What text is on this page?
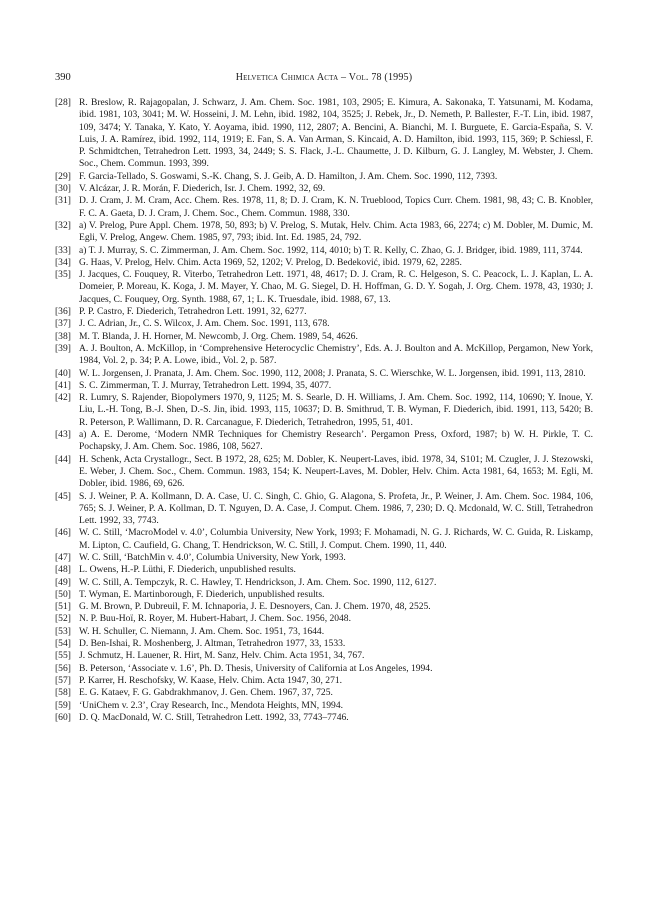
390	Helvetica Chimica Acta – Vol. 78 (1995)
[28] R. Breslow, R. Rajagopalan, J. Schwarz, J. Am. Chem. Soc. 1981, 103, 2905; E. Kimura, A. Sakonaka, T. Yatsunami, M. Kodama, ibid. 1981, 103, 3041; M. W. Hosseini, J. M. Lehn, ibid. 1982, 104, 3525; J. Rebek, Jr., D. Nemeth, P. Ballester, F.-T. Lin, ibid. 1987, 109, 3474; Y. Tanaka, Y. Kato, Y. Aoyama, ibid. 1990, 112, 2807; A. Bencini, A. Bianchi, M. I. Burguete, E. Garcia-España, S. V. Luis, J. A. Ramírez, ibid. 1992, 114, 1919; E. Fan, S. A. Van Arman, S. Kincaid, A. D. Hamilton, ibid. 1993, 115, 369; P. Schiessl, F. P. Schmidtchen, Tetrahedron Lett. 1993, 34, 2449; S. S. Flack, J.-L. Chaumette, J. D. Kilburn, G. J. Langley, M. Webster, J. Chem. Soc., Chem. Commun. 1993, 399.
[29] F. Garcia-Tellado, S. Goswami, S.-K. Chang, S. J. Geib, A. D. Hamilton, J. Am. Chem. Soc. 1990, 112, 7393.
[30] V. Alcázar, J. R. Morán, F. Diederich, Isr. J. Chem. 1992, 32, 69.
[31] D. J. Cram, J. M. Cram, Acc. Chem. Res. 1978, 11, 8; D. J. Cram, K. N. Trueblood, Topics Curr. Chem. 1981, 98, 43; C. B. Knobler, F. C. A. Gaeta, D. J. Cram, J. Chem. Soc., Chem. Commun. 1988, 330.
[32] a) V. Prelog, Pure Appl. Chem. 1978, 50, 893; b) V. Prelog, S. Mutak, Helv. Chim. Acta 1983, 66, 2274; c) M. Dobler, M. Dumic, M. Egli, V. Prelog, Angew. Chem. 1985, 97, 793; ibid. Int. Ed. 1985, 24, 792.
[33] a) T. J. Murray, S. C. Zimmerman, J. Am. Chem. Soc. 1992, 114, 4010; b) T. R. Kelly, C. Zhao, G. J. Bridger, ibid. 1989, 111, 3744.
[34] G. Haas, V. Prelog, Helv. Chim. Acta 1969, 52, 1202; V. Prelog, D. Bedeković, ibid. 1979, 62, 2285.
[35] J. Jacques, C. Fouquey, R. Viterbo, Tetrahedron Lett. 1971, 48, 4617; D. J. Cram, R. C. Helgeson, S. C. Peacock, L. J. Kaplan, L. A. Domeier, P. Moreau, K. Koga, J. M. Mayer, Y. Chao, M. G. Siegel, D. H. Hoffman, G. D. Y. Sogah, J. Org. Chem. 1978, 43, 1930; J. Jacques, C. Fouquey, Org. Synth. 1988, 67, 1; L. K. Truesdale, ibid. 1988, 67, 13.
[36] P. P. Castro, F. Diederich, Tetrahedron Lett. 1991, 32, 6277.
[37] J. C. Adrian, Jr., C. S. Wilcox, J. Am. Chem. Soc. 1991, 113, 678.
[38] M. T. Blanda, J. H. Horner, M. Newcomb, J. Org. Chem. 1989, 54, 4626.
[39] A. J. Boulton, A. McKillop, in ‘Comprehensive Heterocyclic Chemistry’, Eds. A. J. Boulton and A. McKillop, Pergamon, New York, 1984, Vol. 2, p. 34; P. A. Lowe, ibid., Vol. 2, p. 587.
[40] W. L. Jorgensen, J. Pranata, J. Am. Chem. Soc. 1990, 112, 2008; J. Pranata, S. C. Wierschke, W. L. Jorgensen, ibid. 1991, 113, 2810.
[41] S. C. Zimmerman, T. J. Murray, Tetrahedron Lett. 1994, 35, 4077.
[42] R. Lumry, S. Rajender, Biopolymers 1970, 9, 1125; M. S. Searle, D. H. Williams, J. Am. Chem. Soc. 1992, 114, 10690; Y. Inoue, Y. Liu, L.-H. Tong, B.-J. Shen, D.-S. Jin, ibid. 1993, 115, 10637; D. B. Smithrud, T. B. Wyman, F. Diederich, ibid. 1991, 113, 5420; B. R. Peterson, P. Wallimann, D. R. Carcanague, F. Diederich, Tetrahedron, 1995, 51, 401.
[43] a) A. E. Derome, ‘Modern NMR Techniques for Chemistry Research’. Pergamon Press, Oxford, 1987; b) W. H. Pirkle, T. C. Pochapsky, J. Am. Chem. Soc. 1986, 108, 5627.
[44] H. Schenk, Acta Crystallogr., Sect. B 1972, 28, 625; M. Dobler, K. Neupert-Laves, ibid. 1978, 34, S101; M. Czugler, J. J. Stezowski, E. Weber, J. Chem. Soc., Chem. Commun. 1983, 154; K. Neupert-Laves, M. Dobler, Helv. Chim. Acta 1981, 64, 1653; M. Egli, M. Dobler, ibid. 1986, 69, 626.
[45] S. J. Weiner, P. A. Kollmann, D. A. Case, U. C. Singh, C. Ghio, G. Alagona, S. Profeta, Jr., P. Weiner, J. Am. Chem. Soc. 1984, 106, 765; S. J. Weiner, P. A. Kollman, D. T. Nguyen, D. A. Case, J. Comput. Chem. 1986, 7, 230; D. Q. Mcdonald, W. C. Still, Tetrahedron Lett. 1992, 33, 7743.
[46] W. C. Still, ‘MacroModel v. 4.0’, Columbia University, New York, 1993; F. Mohamadi, N. G. J. Richards, W. C. Guida, R. Liskamp, M. Lipton, C. Caufield, G. Chang, T. Hendrickson, W. C. Still, J. Comput. Chem. 1990, 11, 440.
[47] W. C. Still, ‘BatchMin v. 4.0’, Columbia University, New York, 1993.
[48] L. Owens, H.-P. Lüthi, F. Diederich, unpublished results.
[49] W. C. Still, A. Tempczyk, R. C. Hawley, T. Hendrickson, J. Am. Chem. Soc. 1990, 112, 6127.
[50] T. Wyman, E. Martinborough, F. Diederich, unpublished results.
[51] G. M. Brown, P. Dubreuil, F. M. Ichnaporia, J. E. Desnoyers, Can. J. Chem. 1970, 48, 2525.
[52] N. P. Buu-Hoï, R. Royer, M. Hubert-Habart, J. Chem. Soc. 1956, 2048.
[53] W. H. Schuller, C. Niemann, J. Am. Chem. Soc. 1951, 73, 1644.
[54] D. Ben-Ishai, R. Moshenberg, J. Altman, Tetrahedron 1977, 33, 1533.
[55] J. Schmutz, H. Lauener, R. Hirt, M. Sanz, Helv. Chim. Acta 1951, 34, 767.
[56] B. Peterson, ‘Associate v. 1.6’, Ph. D. Thesis, University of California at Los Angeles, 1994.
[57] P. Karrer, H. Reschofsky, W. Kaase, Helv. Chim. Acta 1947, 30, 271.
[58] E. G. Kataev, F. G. Gabdrakhmanov, J. Gen. Chem. 1967, 37, 725.
[59] ‘UniChem v. 2.3’, Cray Research, Inc., Mendota Heights, MN, 1994.
[60] D. Q. MacDonald, W. C. Still, Tetrahedron Lett. 1992, 33, 7743–7746.
